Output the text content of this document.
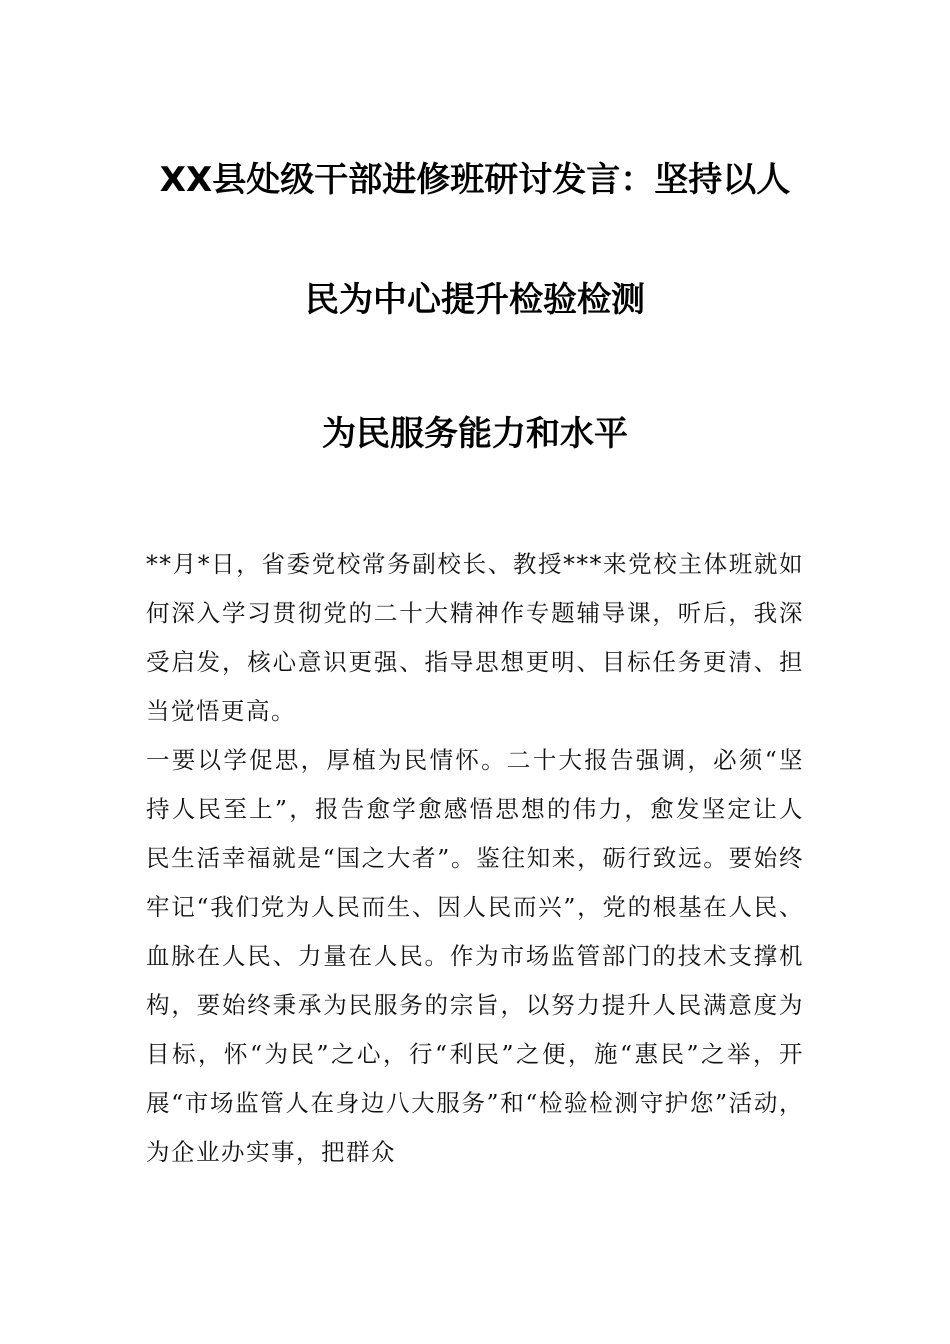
XX县处级干部进修班研讨发言：坚持以人
民为中心提升检验检测
为民服务能力和水平

**月*日，省委党校常务副校长、教授***来党校主体班就如何深入学习贯彻党的二十大精神作专题辅导课，听后，我深受启发，核心意识更强、指导思想更明、目标任务更清、担当觉悟更高。

一要以学促思，厚植为民情怀。二十大报告强调，必须“坚持人民至上”，报告愈学愈感悟思想的伟力，愈发坚定让人民生活幸福就是“国之大者”。鉴往知来，砺行致远。要始终牢记“我们党为人民而生、因人民而兴”，党的根基在人民、血脉在人民、力量在人民。作为市场监管部门的技术支撑机构，要始终秉承为民服务的宗旨，以努力提升人民满意度为目标，怀“为民”之心，行“利民”之便，施“惠民”之举，开展“市场监管人在身边八大服务”和“检验检测守护您”活动，为企业办实事，把群众
